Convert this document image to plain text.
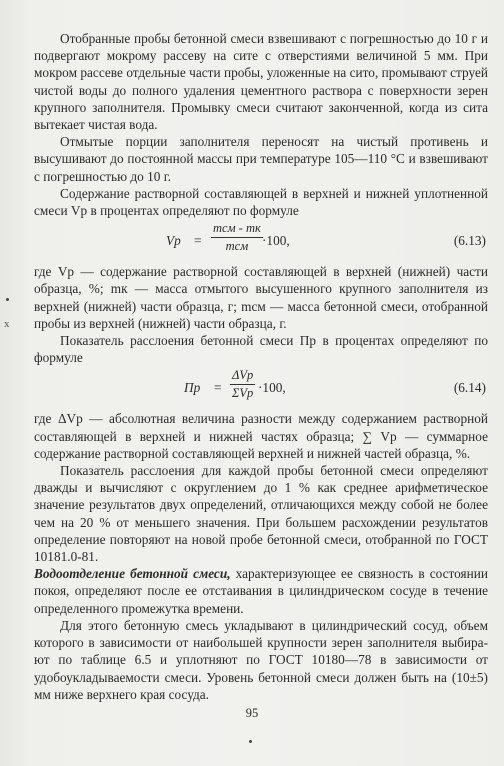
Отобранные пробы бетонной смеси взвешивают с погрешностью до 10 г и подвергают мокрому рассеву на сите с отверстиями величиной 5 мм. При мокром рассеве отдельные части пробы, уложенные на сито, промывают струей чистой воды до полного удаления цементного раствора с поверхности зерен крупного заполнителя. Промывку смеси считают законченной, когда из сита вытекает чистая вода.

Отмытые порции заполнителя переносят на чистый противень и высушивают до постоянной массы при температуре 105—110 °С и взвешивают с погрешностью до 10 г.

Содержание растворной составляющей в верхней и нижней уплотненной смеси Vр в процентах определяют по формуле

Vр =
mсм - mк
mсм	·100,	(6.13)

где Vр — содержание растворной составляющей в верхней (нижней) части образца, %; mк — масса отмытого высушенного крупного заполнителя из верхней (нижней) части образца, г; mсм — масса бетонной смеси, отобранной пробы из верхней (нижней) части образца, г.

Показатель расслоения бетонной смеси Пр в процентах определяют по формуле

Пр =
ΔVр
ΣVр ·100,	(6.14)

где ΔVр — абсолютная величина разности между содержанием растворной составляющей в верхней и нижней частях образца; ∑ Vр — суммарное содержание растворной составляющей верхней и нижней частей образца, %.

Показатель расслоения для каждой пробы бетонной смеси определяют дважды и вычисляют с округлением до 1 % как среднее арифметическое значение результатов двух определений, отличающихся между собой не более чем на 20 % от меньшего значения. При большем расхождении результатов определение повторяют на новой пробе бетонной смеси, отобранной по ГОСТ 10181.0-81.

Водоотделение бетонной смеси, характеризующее ее связность в состоянии покоя, определяют после ее отстаивания в цилиндрическом сосуде в течение определенного промежутка времени.

Для этого бетонную смесь укладывают в цилиндрический сосуд, объем которого в зависимости от наибольшей крупности зерен заполнителя выбира-ют по таблице 6.5 и уплотняют по ГОСТ 10180—78 в зависимости от удобоукладываемости смеси. Уровень бетонной смеси должен быть на (10±5) мм ниже верхнего края сосуда.

x
95
